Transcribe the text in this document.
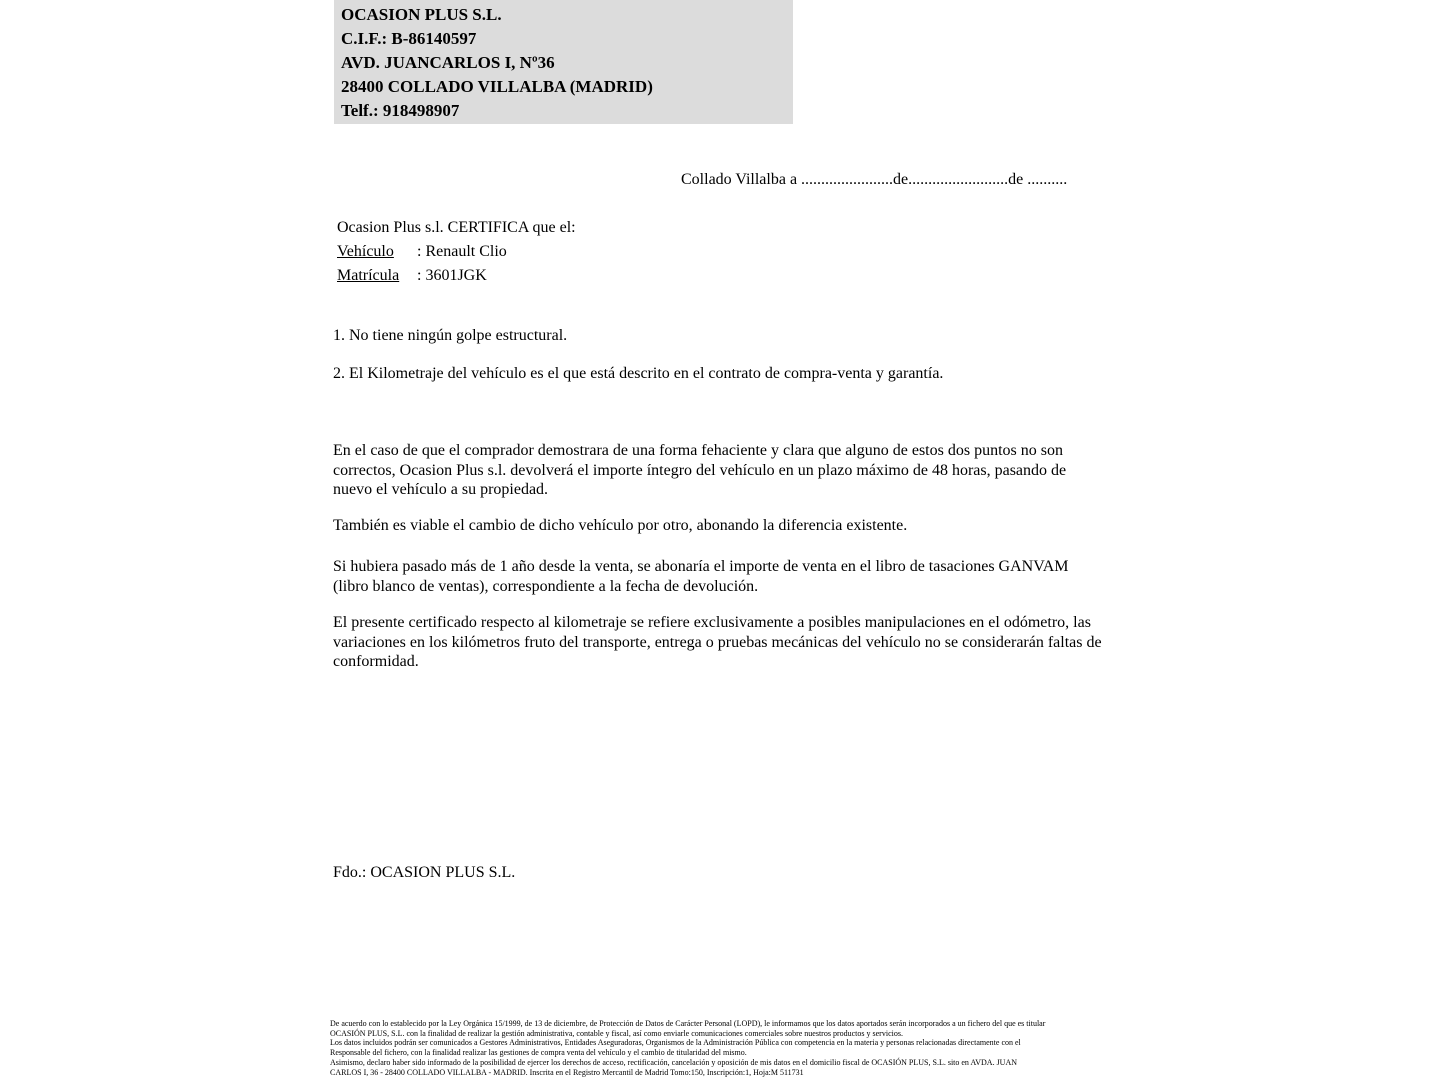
OCASION PLUS S.L.
C.I.F.: B-86140597
AVD. JUANCARLOS I, Nº36
28400 COLLADO VILLALBA (MADRID)
Telf.: 918498907
Collado Villalba a .......................de.........................de ..........
Ocasion Plus s.l. CERTIFICA que el:
Vehículo : Renault Clio
Matrícula : 3601JGK
1. No tiene ningún golpe estructural.
2. El Kilometraje del vehículo es el que está descrito en el contrato de compra-venta y garantía.
En el caso de que el comprador demostrara de una forma fehaciente y clara que alguno de estos dos puntos no son correctos, Ocasion Plus s.l. devolverá el importe íntegro del vehículo en un plazo máximo de 48 horas, pasando de nuevo el vehículo a su propiedad.
También es viable el cambio de dicho vehículo por otro, abonando la diferencia existente.
Si hubiera pasado más de 1 año desde la venta, se abonaría el importe de venta en el libro de tasaciones GANVAM (libro blanco de ventas), correspondiente a la fecha de devolución.
El presente certificado respecto al kilometraje se refiere exclusivamente a posibles manipulaciones en el odómetro, las variaciones en los kilómetros fruto del transporte, entrega o pruebas mecánicas del vehículo no se considerarán faltas de conformidad.
Fdo.: OCASION PLUS S.L.
De acuerdo con lo establecido por la Ley Orgánica 15/1999, de 13 de diciembre, de Protección de Datos de Carácter Personal (LOPD), le informamos que los datos aportados serán incorporados a un fichero del que es titular
OCASIÓN PLUS, S.L. con la finalidad de realizar la gestión administrativa, contable y fiscal, así como enviarle comunicaciones comerciales sobre nuestros productos y servicios.
Los datos incluidos podrán ser comunicados a Gestores Administrativos, Entidades Aseguradoras, Organismos de la Administración Pública con competencia en la materia y personas relacionadas directamente con el
Responsable del fichero, con la finalidad realizar las gestiones de compra venta del vehículo y el cambio de titularidad del mismo.
Asimismo, declaro haber sido informado de la posibilidad de ejercer los derechos de acceso, rectificación, cancelación y oposición de mis datos en el domicilio fiscal de OCASIÓN PLUS, S.L. sito en AVDA. JUAN
CARLOS I, 36 - 28400 COLLADO VILLALBA - MADRID. Inscrita en el Registro Mercantil de Madrid Tomo:150, Inscripción:1, Hoja:M 511731
